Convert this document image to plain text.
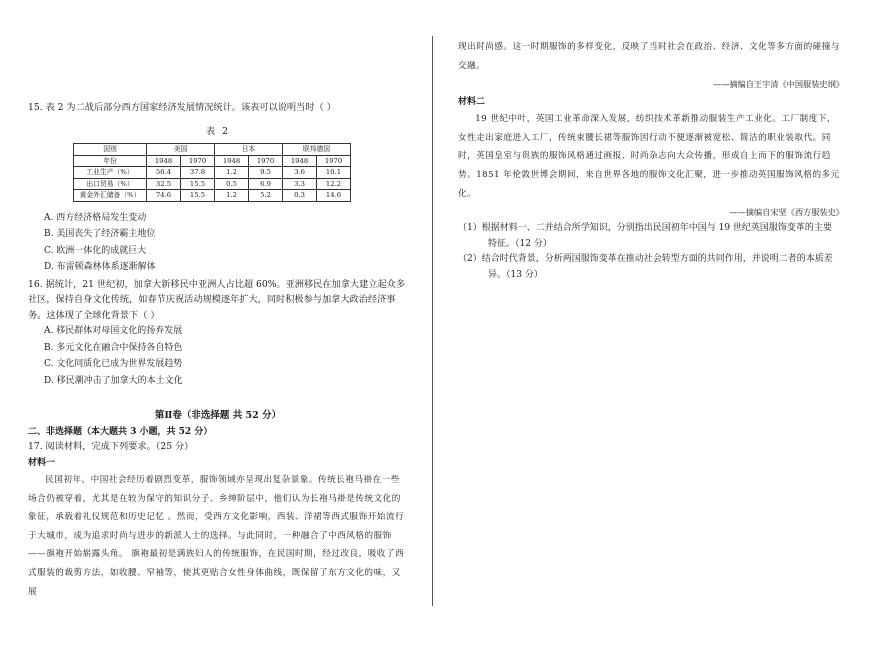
15. 表 2 为二战后部分西方国家经济发展情况统计。该表可以说明当时（ ）

表 2
国别	美国		日本		联邦德国	
年份	1948	1970	1948	1970	1948	1970
工业生产（%）	56.4	37.8	1.2	9.5	3.6	10.1
出口贸易（%）	32.5	15.5	0.5	6.9	3.3	12.2
黄金外汇储备（%）	74.6	15.5	1.2	5.2	0.3	14.6

A. 西方经济格局发生变动

B. 美国丧失了经济霸主地位

C. 欧洲一体化的成就巨大

D. 布雷顿森林体系逐渐解体

16. 据统计，21 世纪初，加拿大新移民中亚洲人占比超 60%。亚洲移民在加拿大建立起众多社区，保持自身文化传统，如春节庆祝活动规模逐年扩大，同时积极参与加拿大政治经济事务。这体现了全球化背景下（ ）

A. 移民群体对母国文化的扬弃发展

B. 多元文化在融合中保持各自特色

C. 文化同质化已成为世界发展趋势

D. 移民潮冲击了加拿大的本土文化

第Ⅱ卷（非选择题 共 52 分）

二、非选择题（本大题共 3 小题，共 52 分）

17. 阅读材料，完成下列要求。（25 分）

材料一

民国初年，中国社会经历着剧烈变革，服饰领域亦呈现出复杂景象。传统长袍马褂在一些场合仍被穿着，尤其是在较为保守的知识分子、乡绅阶层中，他们认为长袍马褂是传统文化的象征，承载着礼仪规范和历史记忆 。然而，受西方文化影响，西装、洋裙等西式服饰开始流行于大城市，成为追求时尚与进步的新派人士的选择。与此同时，一种融合了中西风格的服饰——旗袍开始崭露头角。 旗袍最初是满族妇人的传统服饰，在民国时期，经过改良，吸收了西式服装的裁剪方法，如收腰、窄袖等，使其更贴合女性身体曲线，既保留了东方文化的味，又展

现出时尚感。这一时期服饰的多样变化，反映了当时社会在政治、经济、文化等多方面的碰撞与交融。

——摘编自王宇清《中国服装史纲》

材料二

19 世纪中叶，英国工业革命深入发展，纺织技术革新推动服装生产工业化。工厂制度下，女性走出家庭进入工厂，传统束腰长裙等服饰因行动不便逐渐被宽松、简洁的职业装取代。同时，英国皇室与贵族的服饰风格通过画报、时尚杂志向大众传播，形成自上而下的服饰流行趋势。1851 年伦敦世博会期间，来自世界各地的服饰文化汇聚，进一步推动英国服饰风格的多元化。

——摘编自宋坚《西方服装史》

（1）根据材料一、二并结合所学知识，分别指出民国初年中国与 19 世纪英国服饰变革的主要

特征。（12 分）

（2）结合时代背景，分析两国服饰变革在推动社会转型方面的共同作用，并说明二者的本质差

异。（13 分）
